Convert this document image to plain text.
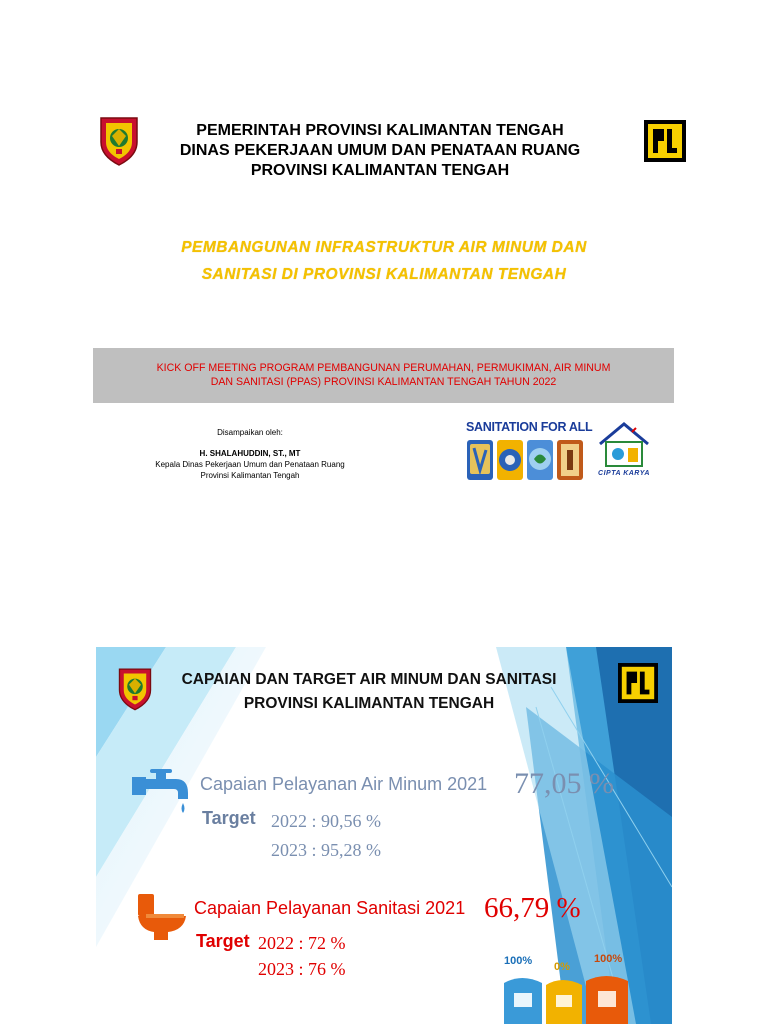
PEMERINTAH PROVINSI KALIMANTAN TENGAH
DINAS PEKERJAAN UMUM DAN PENATAAN RUANG
PROVINSI KALIMANTAN TENGAH
PEMBANGUNAN INFRASTRUKTUR AIR MINUM DAN
SANITASI DI PROVINSI KALIMANTAN TENGAH
KICK OFF MEETING PROGRAM PEMBANGUNAN PERUMAHAN, PERMUKIMAN, AIR MINUM
DAN SANITASI (PPAS) PROVINSI KALIMANTAN TENGAH TAHUN 2022
Disampaikan oleh:
H. SHALAHUDDIN, ST., MT
Kepala Dinas Pekerjaan Umum dan Penataan Ruang
Provinsi Kalimantan Tengah
SANITATION FOR ALL
CIPTA KARYA
CAPAIAN DAN TARGET AIR MINUM DAN SANITASI
PROVINSI KALIMANTAN TENGAH
Capaian Pelayanan Air Minum 2021 77,05 %
Target 2022 : 90,56 %
2023 : 95,28 %
Capaian Pelayanan Sanitasi 2021 66,79 %
Target 2022 : 72 %
2023 : 76 %	100% 0%
100%
